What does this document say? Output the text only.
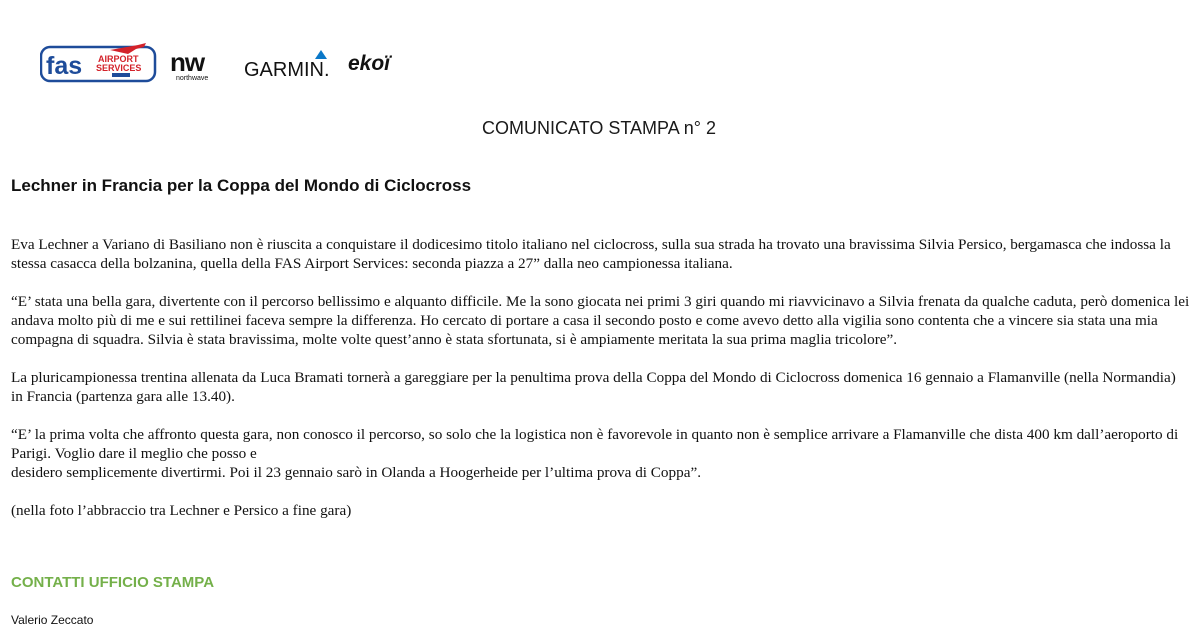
fas AIRPORT
SERVICES nw
northwave GARMIN. ekoï
COMUNICATO STAMPA n° 2
Lechner in Francia per la Coppa del Mondo di Ciclocross

Eva Lechner a Variano di Basiliano non è riuscita a conquistare il dodicesimo titolo italiano nel ciclocross, sulla sua strada ha trovato una bravissima Silvia Persico, bergamasca che indossa la stessa casacca della bolzanina, quella della FAS Airport Services: seconda piazza a 27” dalla neo campionessa italiana.

“E’ stata una bella gara, divertente con il percorso bellissimo e alquanto difficile. Me la sono giocata nei primi 3 giri quando mi riavvicinavo a Silvia frenata da qualche caduta, però domenica lei andava molto più di me e sui rettilinei faceva sempre la differenza. Ho cercato di portare a casa il secondo posto e come avevo detto alla vigilia sono contenta che a vincere sia stata una mia compagna di squadra. Silvia è stata bravissima, molte volte quest’anno è stata sfortunata, si è ampiamente meritata la sua prima maglia tricolore”.

La pluricampionessa trentina allenata da Luca Bramati tornerà a gareggiare per la penultima prova della Coppa del Mondo di Ciclocross domenica 16 gennaio a Flamanville (nella Normandia) in Francia (partenza gara alle 13.40).

“E’ la prima volta che affronto questa gara, non conosco il percorso, so solo che la logistica non è favorevole in quanto non è semplice arrivare a Flamanville che dista 400 km dall’aeroporto di Parigi. Voglio dare il meglio che posso e
desidero semplicemente divertirmi. Poi il 23 gennaio sarò in Olanda a Hoogerheide per l’ultima prova di Coppa”.

(nella foto l’abbraccio tra Lechner e Persico a fine gara)

CONTATTI UFFICIO STAMPA
Valerio Zeccato
